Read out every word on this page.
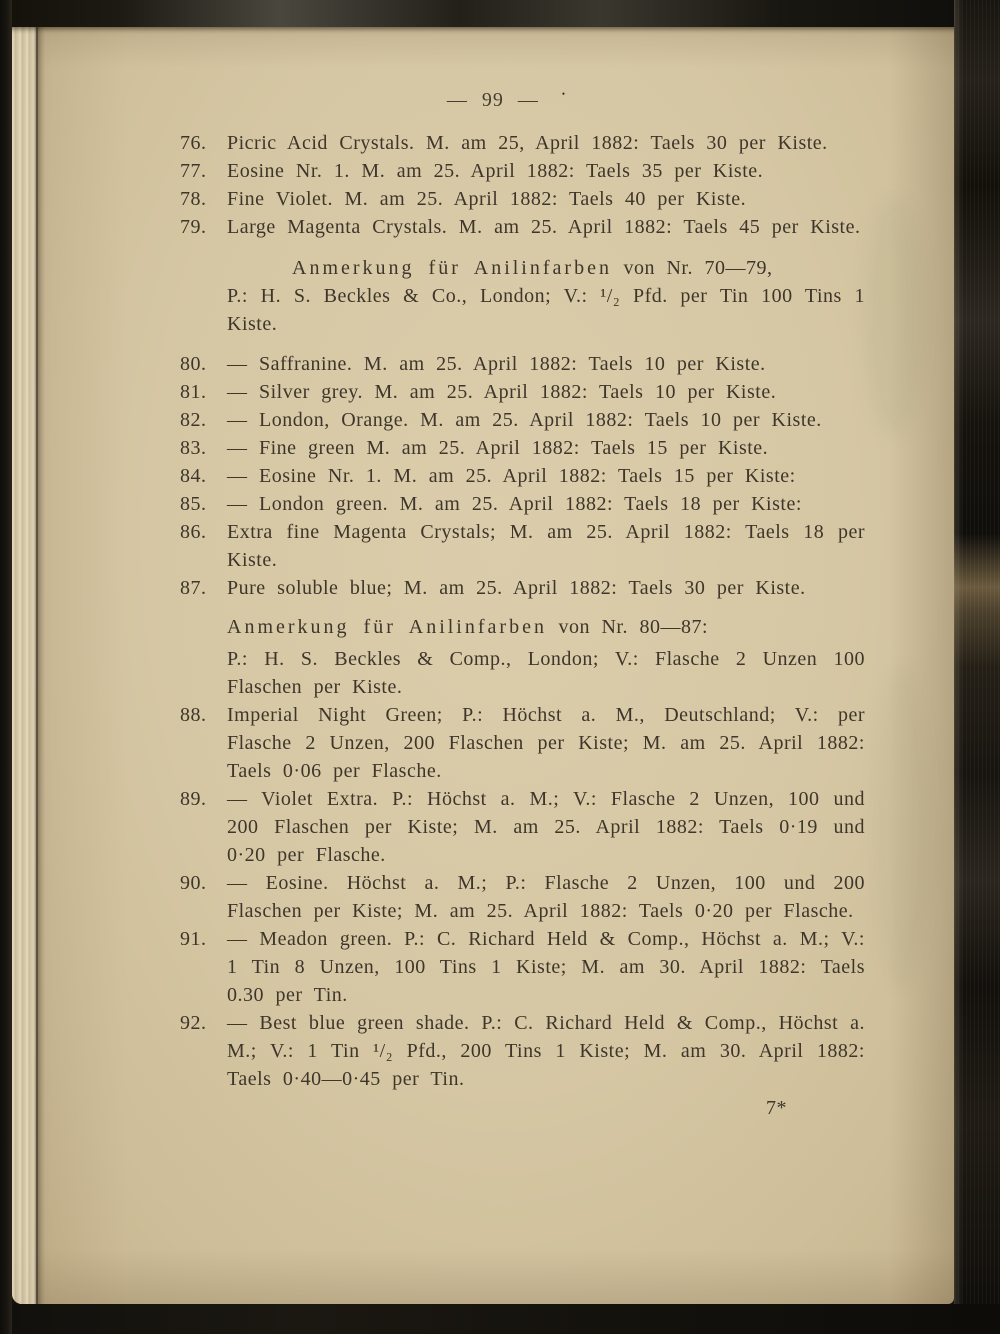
— 99 —	•
76.	Picric Acid Crystals. M. am 25, April 1882: Taels 30 per Kiste.
77.	Eosine Nr. 1. M. am 25. April 1882: Taels 35 per Kiste.
78.	Fine Violet. M. am 25. April 1882: Taels 40 per Kiste.
79.	Large Magenta Crystals. M. am 25. April 1882: Taels 45 per Kiste.
Anmerkung für Anilinfarben von Nr. 70—79,
P.: H. S. Beckles & Co., London; V.: ¹/₂ Pfd. per Tin 100 Tins 1 Kiste.
80.	— Saffranine. M. am 25. April 1882: Taels 10 per Kiste.
81.	— Silver grey. M. am 25. April 1882: Taels 10 per Kiste.
82.	— London, Orange. M. am 25. April 1882: Taels 10 per Kiste.
83.	— Fine green M. am 25. April 1882: Taels 15 per Kiste.
84.	— Eosine Nr. 1. M. am 25. April 1882: Taels 15 per Kiste:
85.	— London green. M. am 25. April 1882: Taels 18 per Kiste:
86.	Extra fine Magenta Crystals; M. am 25. April 1882: Taels 18 per Kiste.
87.	Pure soluble blue; M. am 25. April 1882: Taels 30 per Kiste.
Anmerkung für Anilinfarben von Nr. 80—87:
P.: H. S. Beckles & Comp., London; V.: Flasche 2 Unzen 100 Flaschen per Kiste.
88.	Imperial Night Green; P.: Höchst a. M., Deutschland; V.: per Flasche 2 Unzen, 200 Flaschen per Kiste; M. am 25. April 1882: Taels 0·06 per Flasche.
89.	— Violet Extra. P.: Höchst a. M.; V.: Flasche 2 Unzen, 100 und 200 Flaschen per Kiste; M. am 25. April 1882: Taels 0·19 und 0·20 per Flasche.
90.	— Eosine. Höchst a. M.; P.: Flasche 2 Unzen, 100 und 200 Flaschen per Kiste; M. am 25. April 1882: Taels 0·20 per Flasche.
91.	— Meadon green. P.: C. Richard Held & Comp., Höchst a. M.; V.: 1 Tin 8 Unzen, 100 Tins 1 Kiste; M. am 30. April 1882: Taels 0.30 per Tin.
92.	— Best blue green shade. P.: C. Richard Held & Comp., Höchst a. M.; V.: 1 Tin ¹/₂ Pfd., 200 Tins 1 Kiste; M. am 30. April 1882: Taels 0·40—0·45 per Tin.
7*
